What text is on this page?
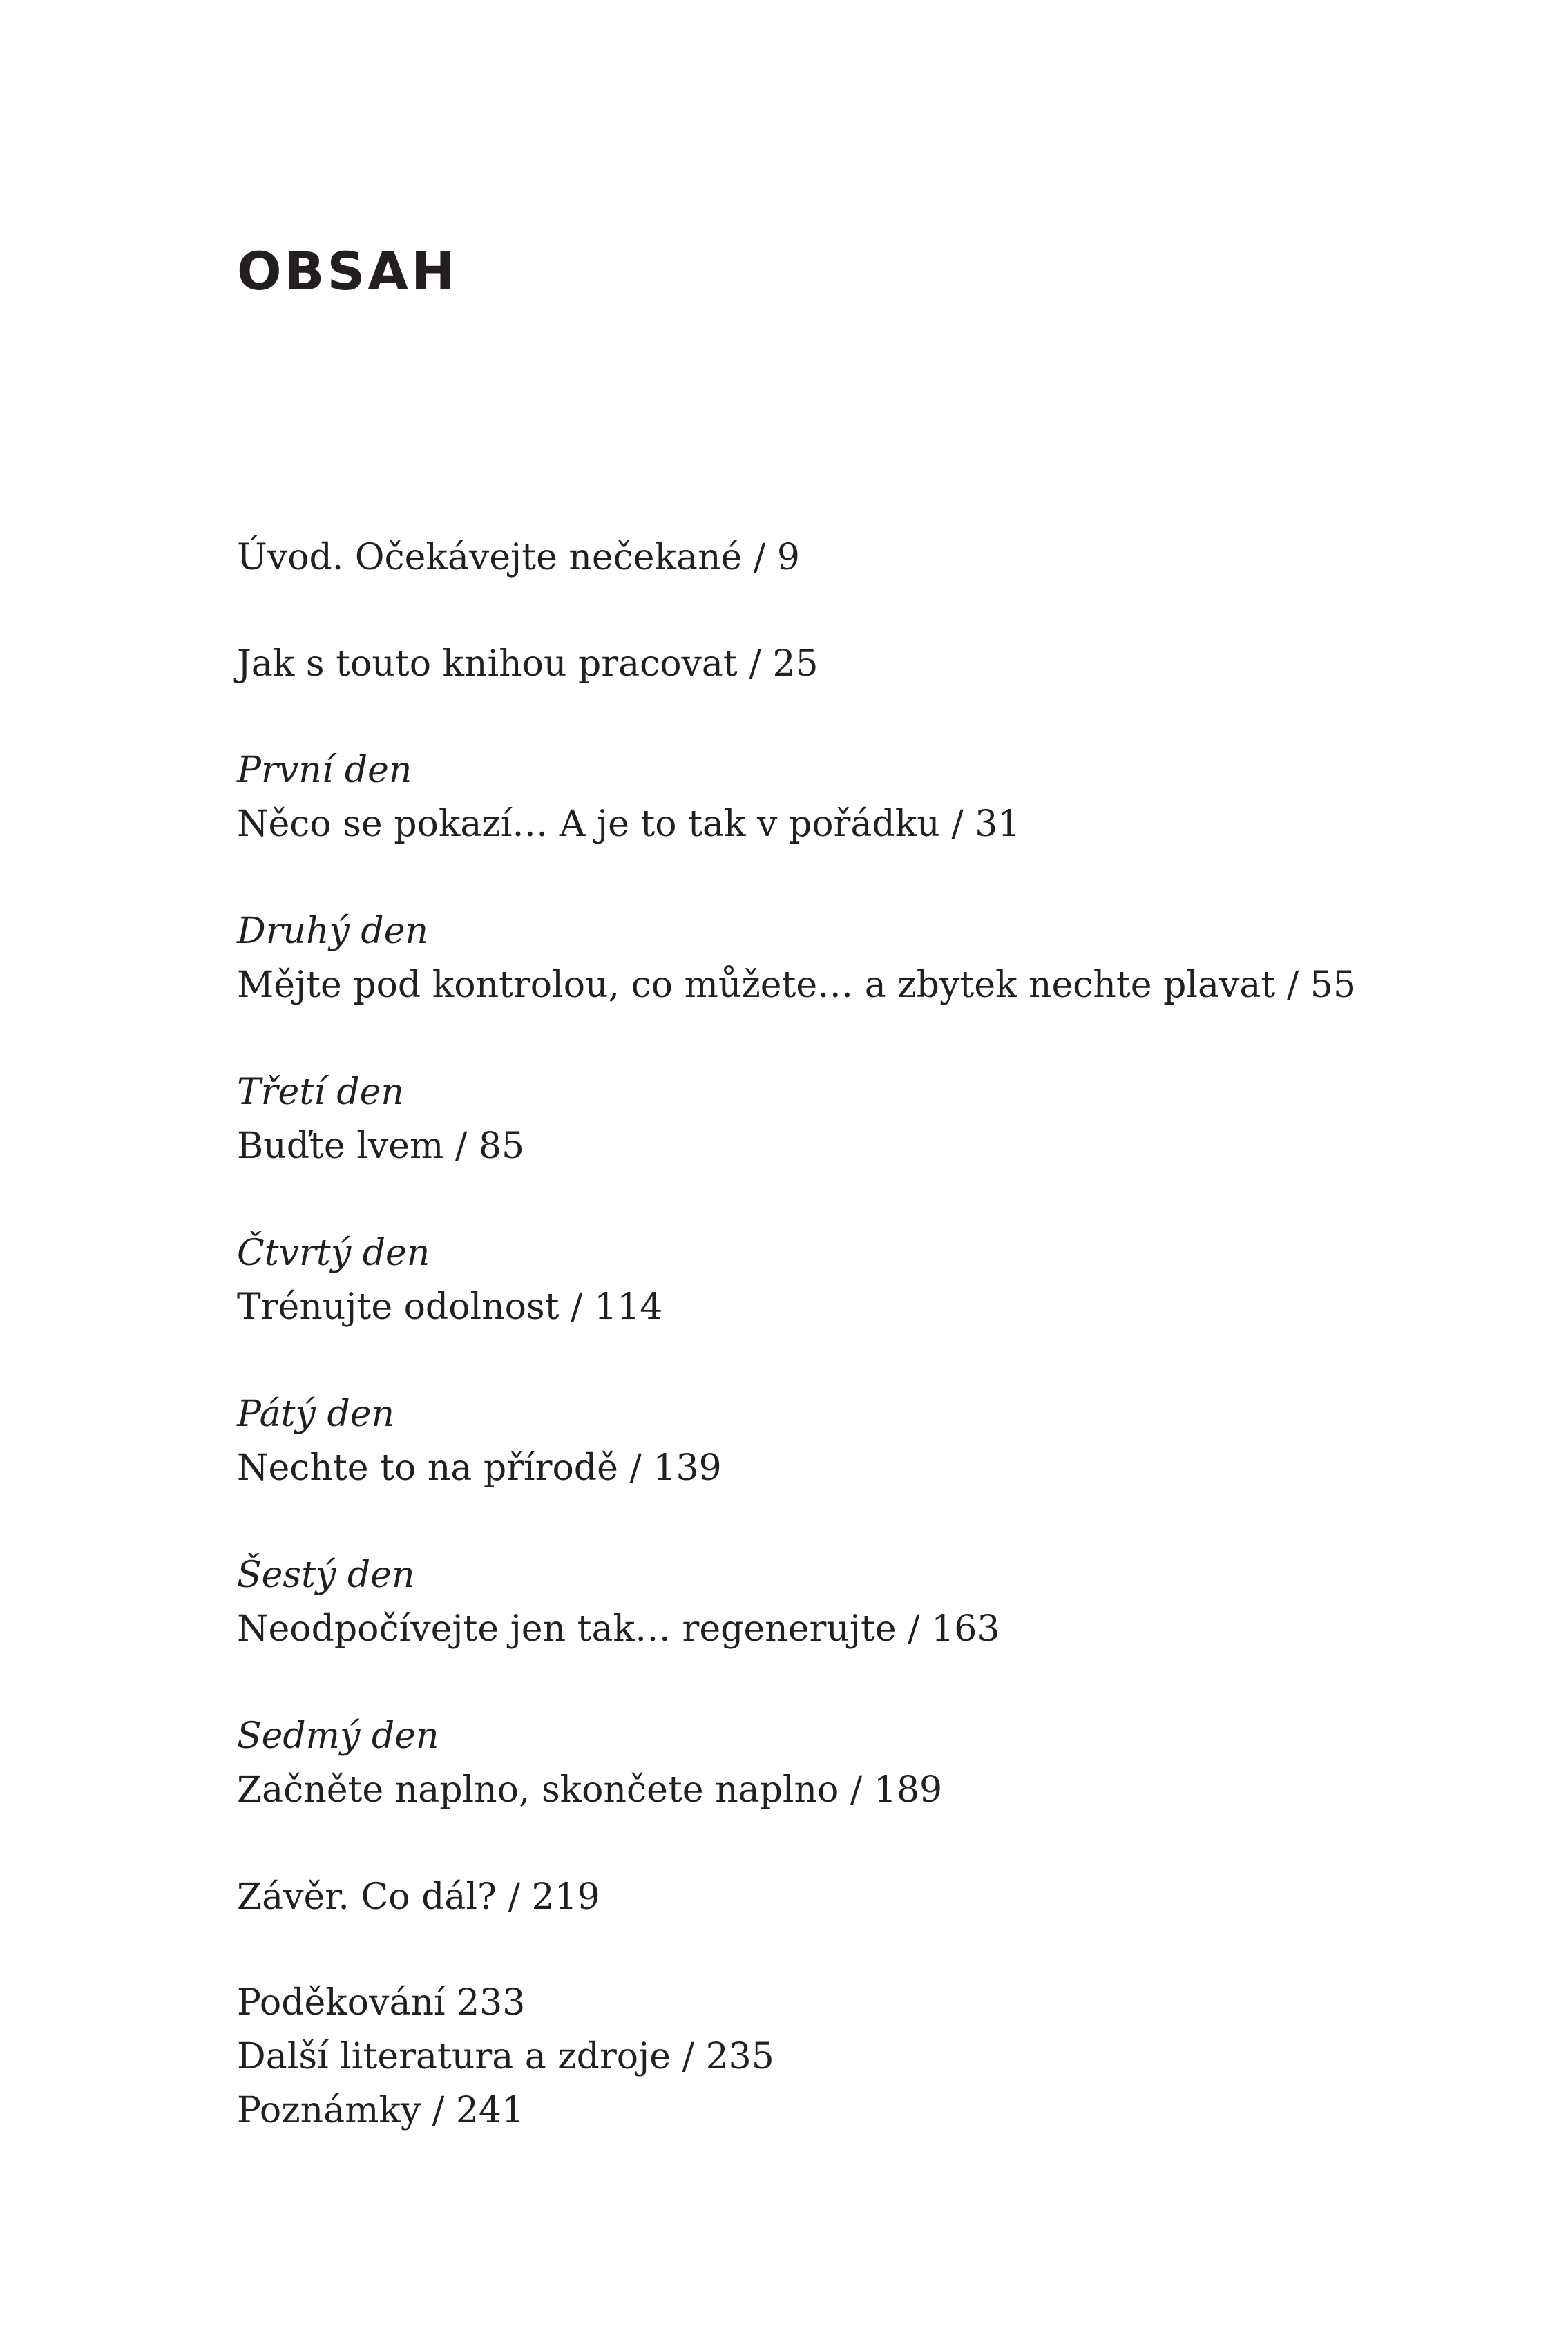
OBSAH
Úvod. Očekávejte nečekané / 9
Jak s touto knihou pracovat / 25
První den
Něco se pokazí… A je to tak v pořádku / 31
Druhý den
Mějte pod kontrolou, co můžete… a zbytek nechte plavat / 55
Třetí den
Buďte lvem / 85
Čtvrtý den
Trénujte odolnost / 114
Pátý den
Nechte to na přírodě / 139
Šestý den
Neodpočívejte jen tak… regenerujte / 163
Sedmý den
Začněte naplno, skončete naplno / 189
Závěr. Co dál? / 219
Poděkování 233
Další literatura a zdroje / 235
Poznámky / 241
